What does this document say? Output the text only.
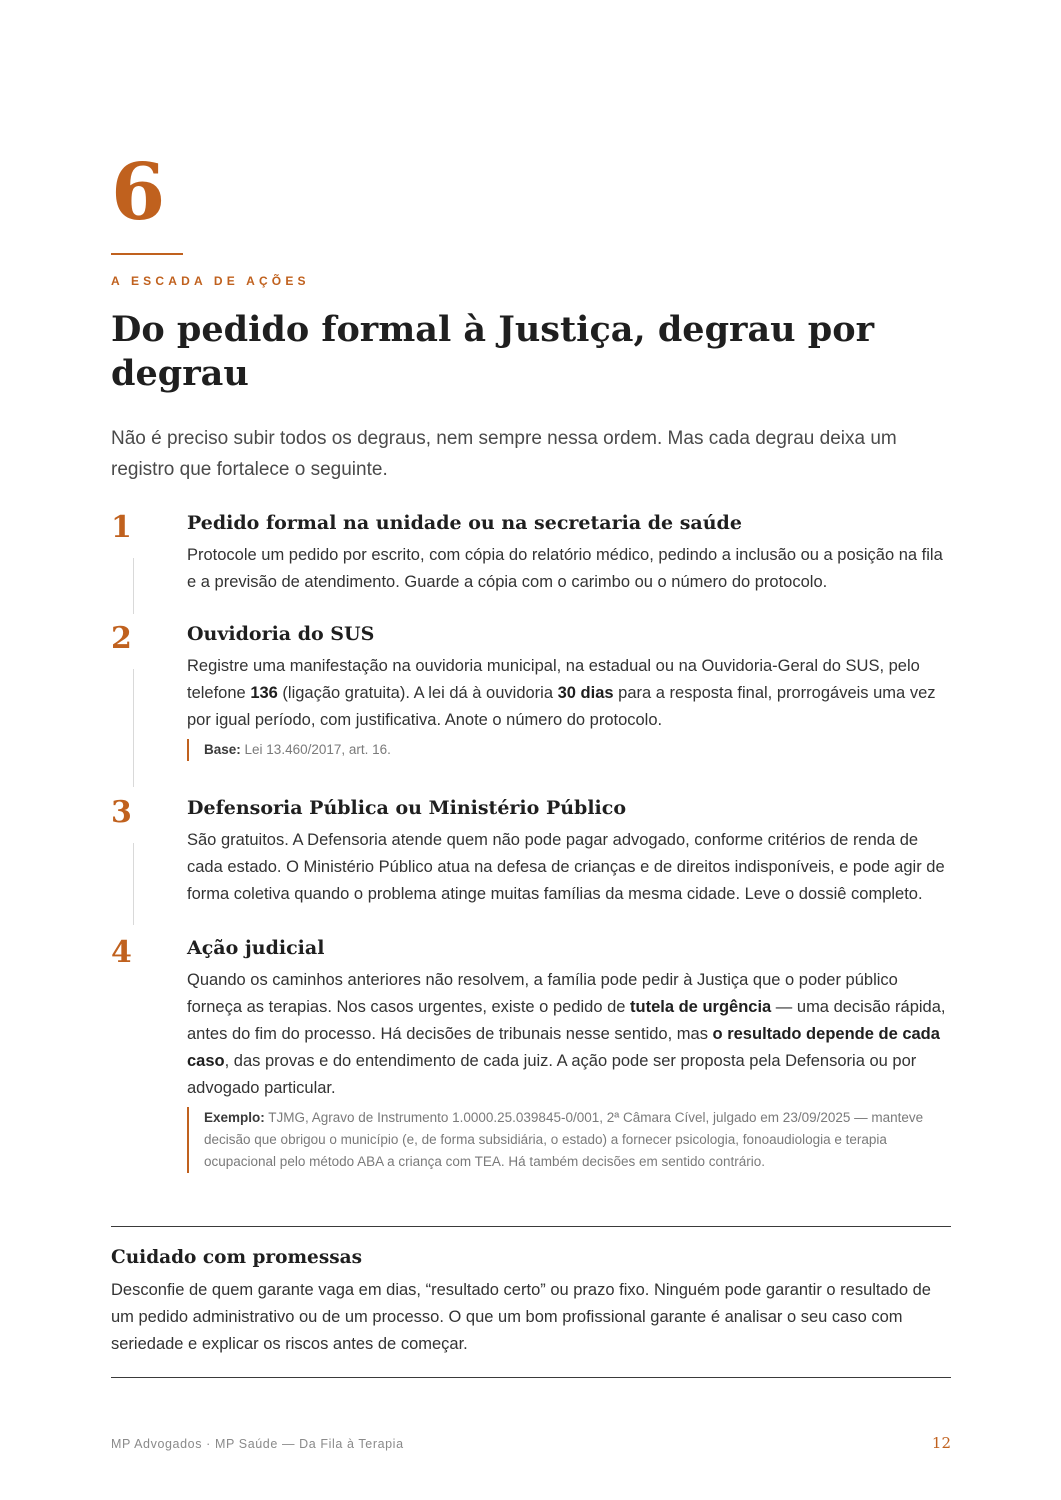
6
A ESCADA DE AÇÕES
Do pedido formal à Justiça, degrau por degrau

Não é preciso subir todos os degraus, nem sempre nessa ordem. Mas cada degrau deixa um registro que fortalece o seguinte.

1	Pedido formal na unidade ou na secretaria de saúde

Protocole um pedido por escrito, com cópia do relatório médico, pedindo a inclusão ou a posição na fila e a previsão de atendimento. Guarde a cópia com o carimbo ou o número do protocolo.

2	Ouvidoria do SUS

Registre uma manifestação na ouvidoria municipal, na estadual ou na Ouvidoria-Geral do SUS, pelo telefone 136 (ligação gratuita). A lei dá à ouvidoria 30 dias para a resposta final, prorrogáveis uma vez por igual período, com justificativa. Anote o número do protocolo.

Base: Lei 13.460/2017, art. 16.
3	Defensoria Pública ou Ministério Público

São gratuitos. A Defensoria atende quem não pode pagar advogado, conforme critérios de renda de cada estado. O Ministério Público atua na defesa de crianças e de direitos indisponíveis, e pode agir de forma coletiva quando o problema atinge muitas famílias da mesma cidade. Leve o dossiê completo.

4	Ação judicial

Quando os caminhos anteriores não resolvem, a família pode pedir à Justiça que o poder público forneça as terapias. Nos casos urgentes, existe o pedido de tutela de urgência — uma decisão rápida, antes do fim do processo. Há decisões de tribunais nesse sentido, mas o resultado depende de cada caso, das provas e do entendimento de cada juiz. A ação pode ser proposta pela Defensoria ou por advogado particular.

Exemplo: TJMG, Agravo de Instrumento 1.0000.25.039845-0/001, 2ª Câmara Cível, julgado em 23/09/2025 — manteve decisão que obrigou o município (e, de forma subsidiária, o estado) a fornecer psicologia, fonoaudiologia e terapia ocupacional pelo método ABA a criança com TEA. Há também decisões em sentido contrário.
Cuidado com promessas

Desconfie de quem garante vaga em dias, “resultado certo” ou prazo fixo. Ninguém pode garantir o resultado de um pedido administrativo ou de um processo. O que um bom profissional garante é analisar o seu caso com seriedade e explicar os riscos antes de começar.

MP Advogados · MP Saúde — Da Fila à Terapia	12
